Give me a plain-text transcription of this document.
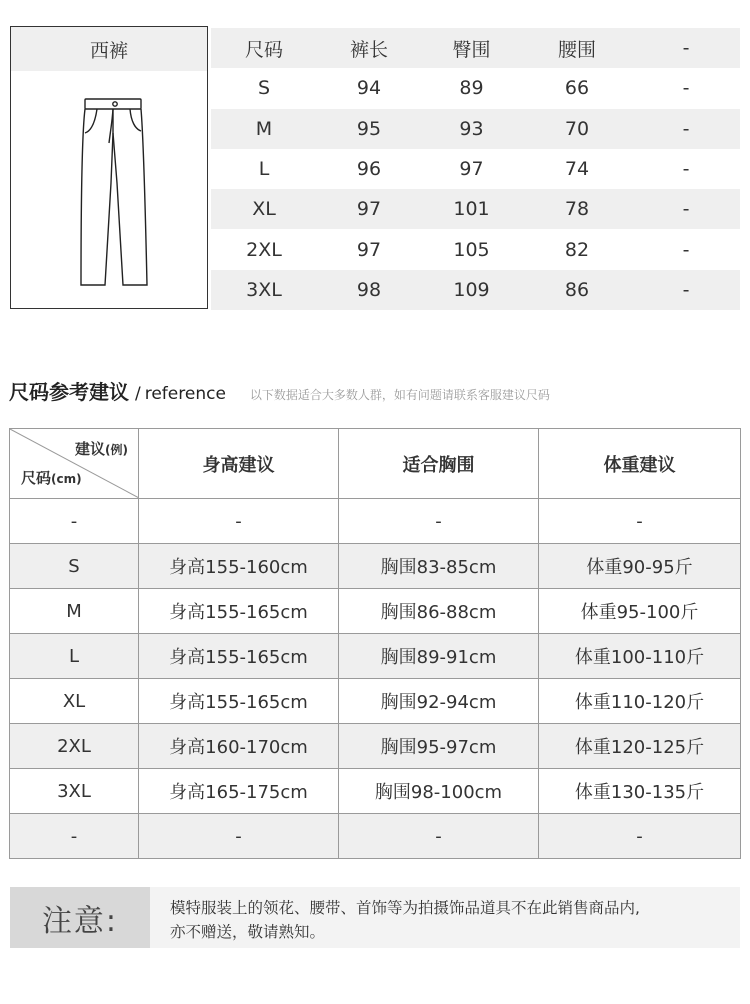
西裤	尺码	裤长	臀围	腰围	-
S	94	89	66	-
M	95	93	70	-
L	96	97	74	-
XL	97	101	78	-
2XL	97	105	82	-
3XL	98	109	86	-
尺码参考建议 / reference 以下数据适合大多数人群，如有问题请联系客服建议尺码
建议(例)
尺码(cm)	身高建议	适合胸围	体重建议
-	-	-	-
S	身高155-160cm	胸围83-85cm	体重90-95斤
M	身高155-165cm	胸围86-88cm	体重95-100斤
L	身高155-165cm	胸围89-91cm	体重100-110斤
XL	身高155-165cm	胸围92-94cm	体重110-120斤
2XL	身高160-170cm	胸围95-97cm	体重120-125斤
3XL	身高165-175cm	胸围98-100cm	体重130-135斤
-	-	-	-
注意:	模特服装上的领花、腰带、首饰等为拍摄饰品道具不在此销售商品内,
亦不赠送，敬请熟知。
